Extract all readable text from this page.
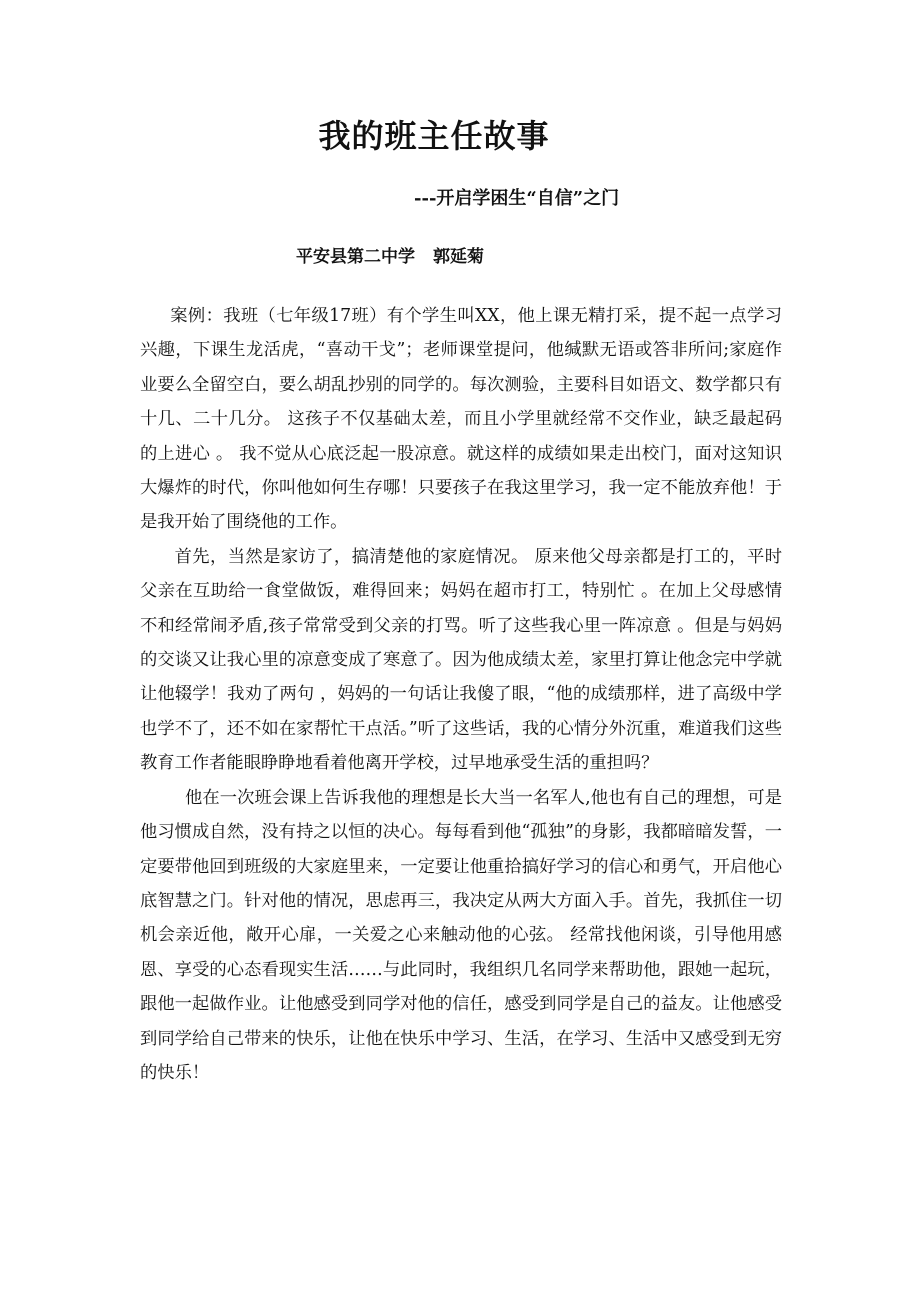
我的班主任故事

---开启学困生“自信”之门

平安县第二中学 郭延菊

案例：我班（七年级17班）有个学生叫XX，他上课无精打采，提不起一点学习兴趣，下课生龙活虎，“喜动干戈”；老师课堂提问，他缄默无语或答非所问;家庭作业要么全留空白，要么胡乱抄别的同学的。每次测验，主要科目如语文、数学都只有十几、二十几分。 这孩子不仅基础太差，而且小学里就经常不交作业，缺乏最起码的上进心 。 我不觉从心底泛起一股凉意。就这样的成绩如果走出校门，面对这知识大爆炸的时代，你叫他如何生存哪！只要孩子在我这里学习，我一定不能放弃他！于是我开始了围绕他的工作。

首先，当然是家访了，搞清楚他的家庭情况。 原来他父母亲都是打工的，平时父亲在互助给一食堂做饭，难得回来；妈妈在超市打工，特别忙 。在加上父母感情不和经常闹矛盾,孩子常常受到父亲的打骂。听了这些我心里一阵凉意 。但是与妈妈的交谈又让我心里的凉意变成了寒意了。因为他成绩太差，家里打算让他念完中学就让他辍学！我劝了两句 ，妈妈的一句话让我傻了眼，“他的成绩那样，进了高级中学也学不了，还不如在家帮忙干点活。”听了这些话，我的心情分外沉重，难道我们这些教育工作者能眼睁睁地看着他离开学校，过早地承受生活的重担吗？

他在一次班会课上告诉我他的理想是长大当一名军人,他也有自己的理想，可是他习惯成自然，没有持之以恒的决心。每每看到他“孤独”的身影，我都暗暗发誓，一定要带他回到班级的大家庭里来，一定要让他重拾搞好学习的信心和勇气，开启他心底智慧之门。针对他的情况，思虑再三，我决定从两大方面入手。首先，我抓住一切机会亲近他，敞开心扉，一关爱之心来触动他的心弦。 经常找他闲谈，引导他用感恩、享受的心态看现实生活……与此同时，我组织几名同学来帮助他，跟她一起玩，跟他一起做作业。让他感受到同学对他的信任，感受到同学是自己的益友。让他感受到同学给自己带来的快乐，让他在快乐中学习、生活，在学习、生活中又感受到无穷的快乐！
